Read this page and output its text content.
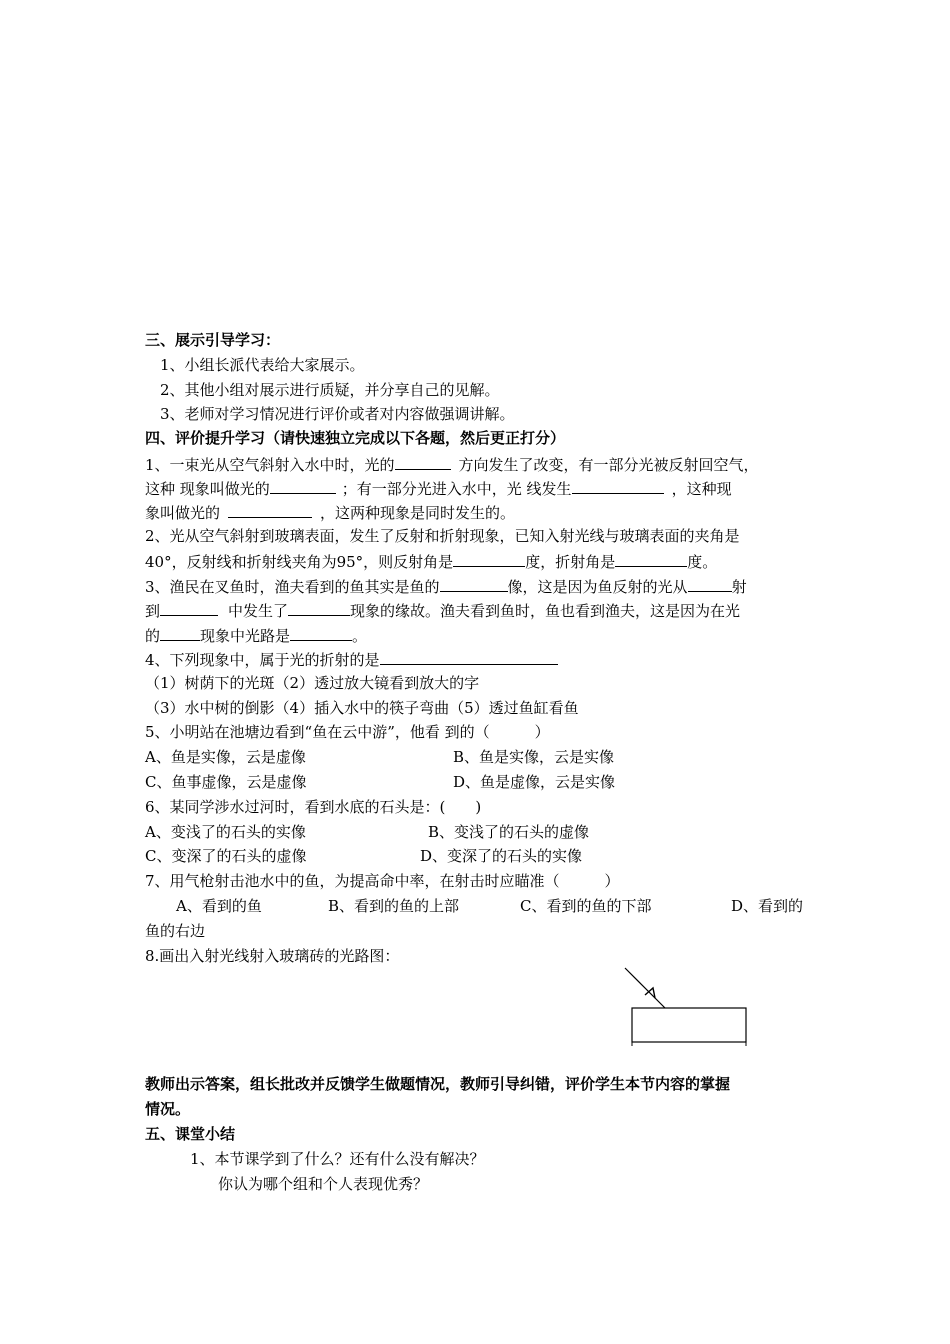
三、展示引导学习：
1、小组长派代表给大家展示。
2、其他小组对展示进行质疑，并分享自己的见解。
3、老师对学习情况进行评价或者对内容做强调讲解。
四、评价提升学习（请快速独立完成以下各题，然后更正打分）
1、一束光从空气斜射入水中时，光的	方向发生了改变，有一部分光被反射回空气，
这种 现象叫做光的	；有一部分光进入水中，光 线发生	，这种现
象叫做光的	，这两种现象是同时发生的。
2、光从空气斜射到玻璃表面，发生了反射和折射现象，已知入射光线与玻璃表面的夹角是
40°，反射线和折射线夹角为95°，则反射角是	度，折射角是	度。
3、渔民在叉鱼时，渔夫看到的鱼其实是鱼的	像，这是因为鱼反射的光从	射
到	中发生了	现象的缘故。渔夫看到鱼时，鱼也看到渔夫，这是因为在光
的	现象中光路是	。
4、下列现象中，属于光的折射的是
（1）树荫下的光斑（2）透过放大镜看到放大的字
（3）水中树的倒影（4）插入水中的筷子弯曲（5）透过鱼缸看鱼
5、小明站在池塘边看到“鱼在云中游”，他看 到的（　　　）
A、鱼是实像，云是虚像	B、鱼是实像，云是实像
C、鱼事虚像，云是虚像	D、鱼是虚像，云是实像
6、某同学涉水过河时，看到水底的石头是：(　　)
A、变浅了的石头的实像	B、变浅了的石头的虚像
C、变深了的石头的虚像	D、变深了的石头的实像
7、用气枪射击池水中的鱼，为提高命中率，在射击时应瞄准（　　　）
A、看到的鱼	B、看到的鱼的上部	C、看到的鱼的下部	D、看到的
鱼的右边
8.画出入射光线射入玻璃砖的光路图：
教师出示答案，组长批改并反馈学生做题情况，教师引导纠错，评价学生本节内容的掌握
情况。
五、课堂小结
1、本节课学到了什么？还有什么没有解决？
你认为哪个组和个人表现优秀？
